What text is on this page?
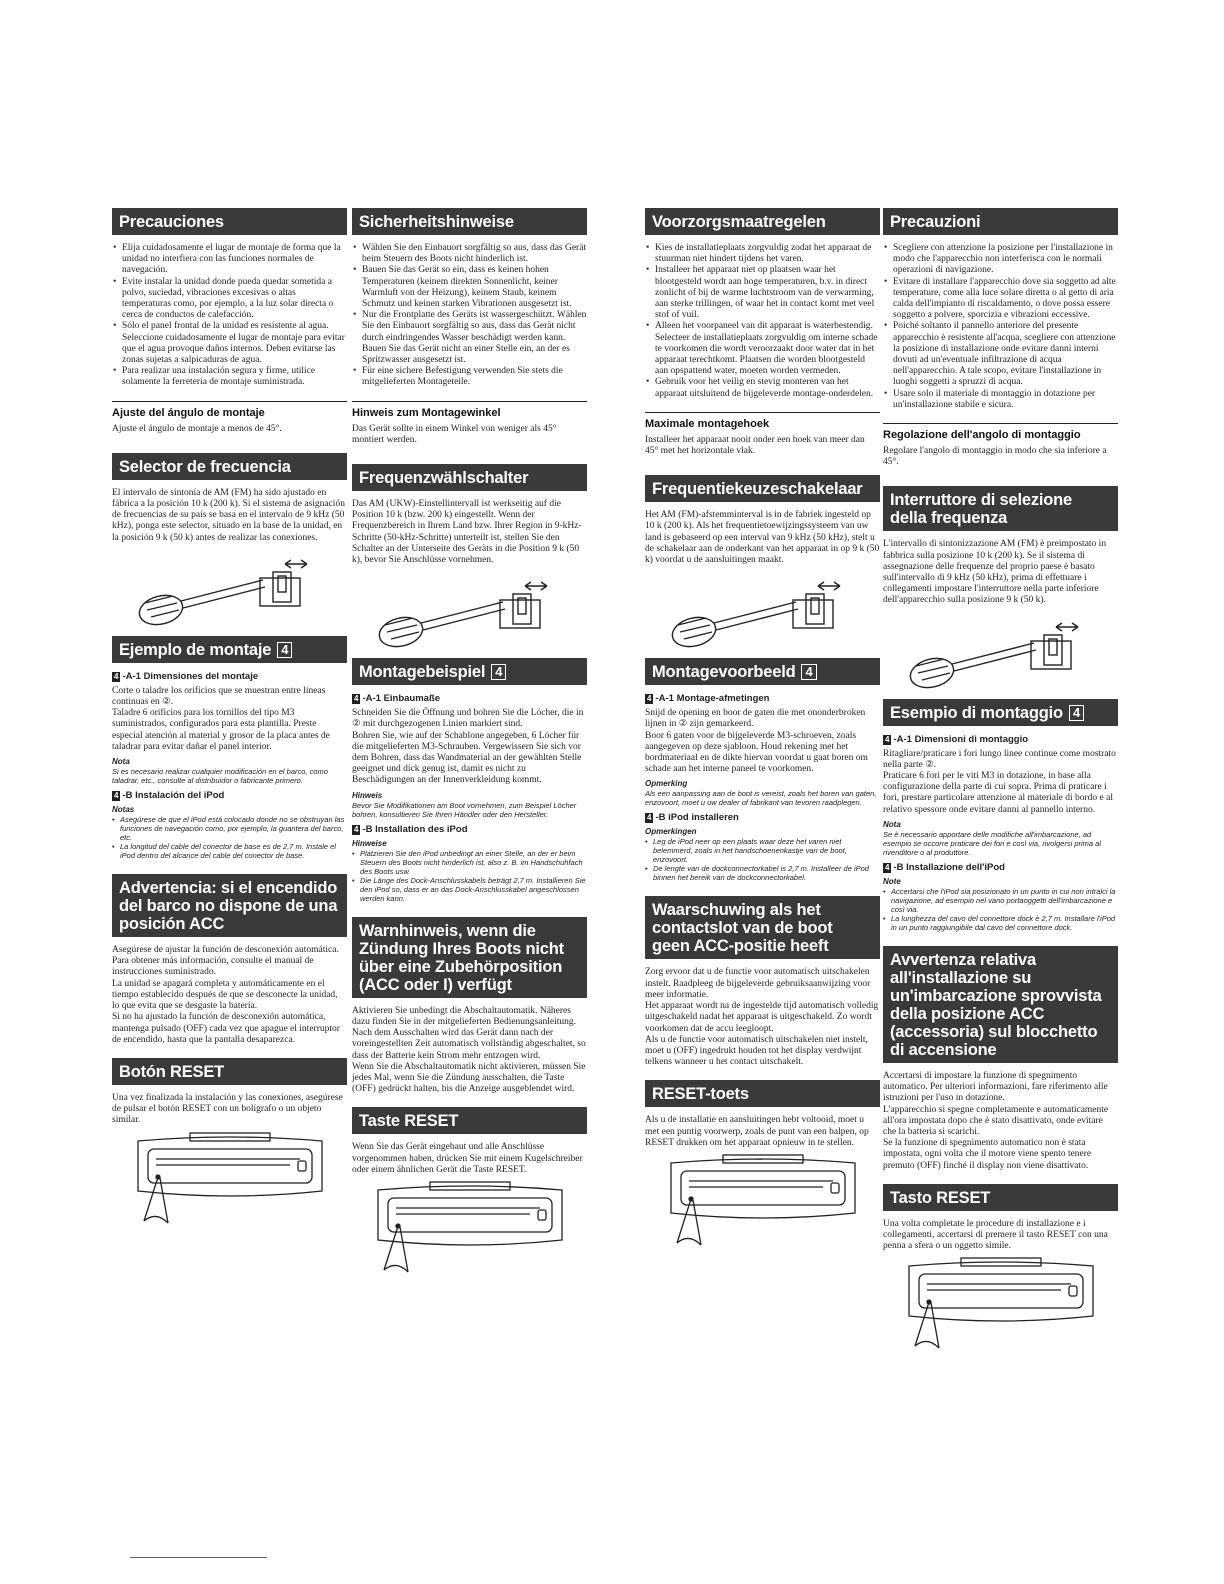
Precauciones
• Elija cuidadosamente el lugar de montaje de forma que la unidad no interfiera con las funciones normales de navegación.
• Evite instalar la unidad donde pueda quedar sometida a polvo, suciedad, vibraciones excesivas o altas temperaturas como, por ejemplo, a la luz solar directa o cerca de conductos de calefacción.
• Sólo el panel frontal de la unidad es resistente al agua. Seleccione cuidadosamente el lugar de montaje para evitar que el agua provoque daños internos. Deben evitarse las zonas sujetas a salpicaduras de agua.
• Para realizar una instalación segura y firme, utilice solamente la ferretería de montaje suministrada.
Ajuste del ángulo de montaje

Ajuste el ángulo de montaje a menos de 45°.

Selector de frecuencia

El intervalo de sintonía de AM (FM) ha sido ajustado en fábrica a la posición 10 k (200 k). Si el sistema de asignación de frecuencias de su país se basa en el intervalo de 9 kHz (50 kHz), ponga este selector, situado en la base de la unidad, en la posición 9 k (50 k) antes de realizar las conexiones.

Ejemplo de montaje 4
4 -A-1 Dimensiones del montaje

Corte o taladre los orificios que se muestran entre líneas continuas en ②.
Taladre 6 orificios para los tornillos del tipo M3 suministrados, configurados para esta plantilla. Preste especial atención al material y grosor de la placa antes de taladrar para evitar dañar el panel interior.

Nota
Si es necesario realizar cualquier modificación en el barco, como taladrar, etc., consulte al distribuidor o fabricante primero.
4 -B Instalación del iPod
Notas
• Asegúrese de que el iPod está colocado donde no se obstruyan las funciones de navegación como, por ejemplo, la guantera del barco, etc.
• La longitud del cable del conector de base es de 2,7 m. Instale el iPod dentro del alcance del cable del conector de base.
Advertencia: si el encendido del barco no dispone de una posición ACC

Asegúrese de ajustar la función de desconexión automática. Para obtener más información, consulte el manual de instrucciones suministrado.
La unidad se apagará completa y automáticamente en el tiempo establecido después de que se desconecte la unidad, lo que evita que se desgaste la batería.
Si no ha ajustado la función de desconexión automática, mantenga pulsado (OFF) cada vez que apague el interruptor de encendido, hasta que la pantalla desaparezca.

Botón RESET

Una vez finalizada la instalación y las conexiones, asegúrese de pulsar el botón RESET con un bolígrafo o un objeto similar.

Sicherheitshinweise
• Wählen Sie den Einbauort sorgfältig so aus, dass das Gerät beim Steuern des Boots nicht hinderlich ist.
• Bauen Sie das Gerät so ein, dass es keinen hohen Temperaturen (keinem direkten Sonnenlicht, keiner Warmluft von der Heizung), keinem Staub, keinem Schmutz und keinen starken Vibrationen ausgesetzt ist.
• Nur die Frontplatte des Geräts ist wassergeschützt. Wählen Sie den Einbauort sorgfältig so aus, dass das Gerät nicht durch eindringendes Wasser beschädigt werden kann. Bauen Sie das Gerät nicht an einer Stelle ein, an der es Spritzwasser ausgesetzt ist.
• Für eine sichere Befestigung verwenden Sie stets die mitgelieferten Montageteile.
Hinweis zum Montagewinkel

Das Gerät sollte in einem Winkel von weniger als 45° montiert werden.

Frequenzwählschalter

Das AM (UKW)-Einstellintervall ist werkseitig auf die Position 10 k (bzw. 200 k) eingestellt. Wenn der Frequenzbereich in Ihrem Land bzw. Ihrer Region in 9-kHz-Schritte (50-kHz-Schritte) unterteilt ist, stellen Sie den Schalter an der Unterseite des Geräts in die Position 9 k (50 k), bevor Sie Anschlüsse vornehmen.

Montagebeispiel 4
4 -A-1 Einbaumaße

Schneiden Sie die Öffnung und bohren Sie die Löcher, die in ② mit durchgezogenen Linien markiert sind.
Bohren Sie, wie auf der Schablone angegeben, 6 Löcher für die mitgelieferten M3-Schrauben. Vergewissern Sie sich vor dem Bohren, dass das Wandmaterial an der gewählten Stelle geeignet und dick genug ist, damit es nicht zu Beschädigungen an der Innenverkleidung kommt.

Hinweis
Bevor Sie Modifikationen am Boot vornehmen, zum Beispiel Löcher bohren, konsultieren Sie Ihren Händler oder den Hersteller.
4 -B Installation des iPod
Hinweise
• Platzieren Sie den iPod unbedingt an einer Stelle, an der er beim Steuern des Boots nicht hinderlich ist, also z. B. im Handschuhfach des Boots usw.
• Die Länge des Dock-Anschlusskabels beträgt 2,7 m. Installieren Sie den iPod so, dass er an das Dock-Anschlusskabel angeschlossen werden kann.
Warnhinweis, wenn die Zündung Ihres Boots nicht über eine Zubehörposition (ACC oder I) verfügt

Aktivieren Sie unbedingt die Abschaltautomatik. Näheres dazu finden Sie in der mitgelieferten Bedienungsanleitung.
Nach dem Ausschalten wird das Gerät dann nach der voreingestellten Zeit automatisch vollständig abgeschaltet, so dass der Batterie kein Strom mehr entzogen wird.
Wenn Sie die Abschaltautomatik nicht aktivieren, müssen Sie jedes Mal, wenn Sie die Zündung ausschalten, die Taste (OFF) gedrückt halten, bis die Anzeige ausgeblendet wird.

Taste RESET

Wenn Sie das Gerät eingebaut und alle Anschlüsse vorgenommen haben, drücken Sie mit einem Kugelschreiber oder einem ähnlichen Gerät die Taste RESET.

Voorzorgsmaatregelen
• Kies de installatieplaats zorgvuldig zodat het apparaat de stuurman niet hindert tijdens het varen.
• Installeer het apparaat niet op plaatsen waar het blootgesteld wordt aan hoge temperaturen, b.v. in direct zonlicht of bij de warme luchtstroom van de verwarming, aan sterke trillingen, of waar het in contact komt met veel stof of vuil.
• Alleen het voorpaneel van dit apparaat is waterbestendig. Selecteer de installatieplaats zorgvuldig om interne schade te voorkomen die wordt veroorzaakt door water dat in het apparaat terechtkomt. Plaatsen die worden blootgesteld aan opspattend water, moeten worden vermeden.
• Gebruik voor het veilig en stevig monteren van het apparaat uitsluitend de bijgeleverde montage-onderdelen.
Maximale montagehoek

Installeer het apparaat nooit onder een hoek van meer dan 45° met het horizontale vlak.

Frequentiekeuzeschakelaar

Het AM (FM)-afstemminterval is in de fabriek ingesteld op 10 k (200 k). Als het frequentietoewijzingssysteem van uw land is gebaseerd op een interval van 9 kHz (50 kHz), stelt u de schakelaar aan de onderkant van het apparaat in op 9 k (50 k) voordat u de aansluitingen maakt.

Montagevoorbeeld 4
4 -A-1 Montage-afmetingen

Snijd de opening en boor de gaten die met ononderbroken lijnen in ② zijn gemarkeerd.
Boor 6 gaten voor de bijgeleverde M3-schroeven, zoals aangegeven op deze sjabloon. Houd rekening met het bordmateriaal en de dikte hiervan voordat u gaat boren om schade aan het interne paneel te voorkomen.

Opmerking
Als een aanpassing aan de boot is vereist, zoals het boren van gaten, enzovoort, moet u uw dealer of fabrikant van tevoren raadplegen.
4 -B iPod installeren
Opmerkingen
• Leg de iPod neer op een plaats waar deze het varen niet belemmerd, zoals in het handschoenenkastje van de boot, enzovoort.
• De lengte van de dockconnectorkabel is 2,7 m. Installeer de iPod binnen het bereik van de dockconnectorkabel.
Waarschuwing als het contactslot van de boot geen ACC-positie heeft

Zorg ervoor dat u de functie voor automatisch uitschakelen instelt. Raadpleeg de bijgeleverde gebruiksaanwijzing voor meer informatie.
Het apparaat wordt na de ingestelde tijd automatisch volledig uitgeschakeld nadat het apparaat is uitgeschakeld. Zo wordt voorkomen dat de accu leegloopt.
Als u de functie voor automatisch uitschakelen niet instelt, moet u (OFF) ingedrukt houden tot het display verdwijnt telkens wanneer u het contact uitschakelt.

RESET-toets

Als u de installatie en aansluitingen hebt voltooid, moet u met een puntig voorwerp, zoals de punt van een balpen, op RESET drukken om het apparaat opnieuw in te stellen.

Precauzioni
• Scegliere con attenzione la posizione per l'installazione in modo che l'apparecchio non interferisca con le normali operazioni di navigazione.
• Evitare di installare l'apparecchio dove sia soggetto ad alte temperature, come alla luce solare diretta o al getto di aria calda dell'impianto di riscaldamento, o dove possa essere soggetto a polvere, sporcizia e vibrazioni eccessive.
• Poiché soltanto il pannello anteriore del presente apparecchio è resistente all'acqua, scegliere con attenzione la posizione di installazione onde evitare danni interni dovuti ad un'eventuale infiltrazione di acqua nell'apparecchio. A tale scopo, evitare l'installazione in luoghi soggetti a spruzzi di acqua.
• Usare solo il materiale di montaggio in dotazione per un'installazione stabile e sicura.
Regolazione dell'angolo di montaggio

Regolare l'angolo di montaggio in modo che sia inferiore a 45°.

Interruttore di selezione della frequenza

L'intervallo di sintonizzazione AM (FM) è preimpostato in fabbrica sulla posizione 10 k (200 k). Se il sistema di assegnazione delle frequenze del proprio paese è basato sull'intervallo di 9 kHz (50 kHz), prima di effettuare i collegamenti impostare l'interruttore nella parte inferiore dell'apparecchio sulla posizione 9 k (50 k).

Esempio di montaggio 4
4 -A-1 Dimensioni di montaggio

Ritagliare/praticare i fori lungo linee continue come mostrato nella parte ②.
Praticare 6 fori per le viti M3 in dotazione, in base alla configurazione della parte di cui sopra. Prima di praticare i fori, prestare particolare attenzione al materiale di bordo e al relativo spessore onde evitare danni al pannello interno.

Nota
Se è necessario apportare delle modifiche all'imbarcazione, ad esempio se occorre praticare dei fori e così via, rivolgersi prima al rivenditore o al produttore.
4 -B Installazione dell'iPod
Note
• Accertarsi che l'iPod sia posizionato in un punto in cui non intralci la navigazione, ad esempio nel vano portaoggetti dell'imbarcazione e così via.
• La lunghezza del cavo del connettore dock è 2,7 m. Installare l'iPod in un punto raggiungibile dal cavo del connettore dock.
Avvertenza relativa all'installazione su un'imbarcazione sprovvista della posizione ACC (accessoria) sul blocchetto di accensione

Accertarsi di impostare la funzione di spegnimento automatico. Per ulteriori informazioni, fare riferimento alle istruzioni per l'uso in dotazione.
L'apparecchio si spegne completamente e automaticamente all'ora impostata dopo che è stato disattivato, onde evitare che la batteria si scarichi.
Se la funzione di spegnimento automatico non è stata impostata, ogni volta che il motore viene spento tenere premuto (OFF) finché il display non viene disattivato.

Tasto RESET

Una volta completate le procedure di installazione e i collegamenti, accertarsi di premere il tasto RESET con una penna a sfera o un oggetto simile.
